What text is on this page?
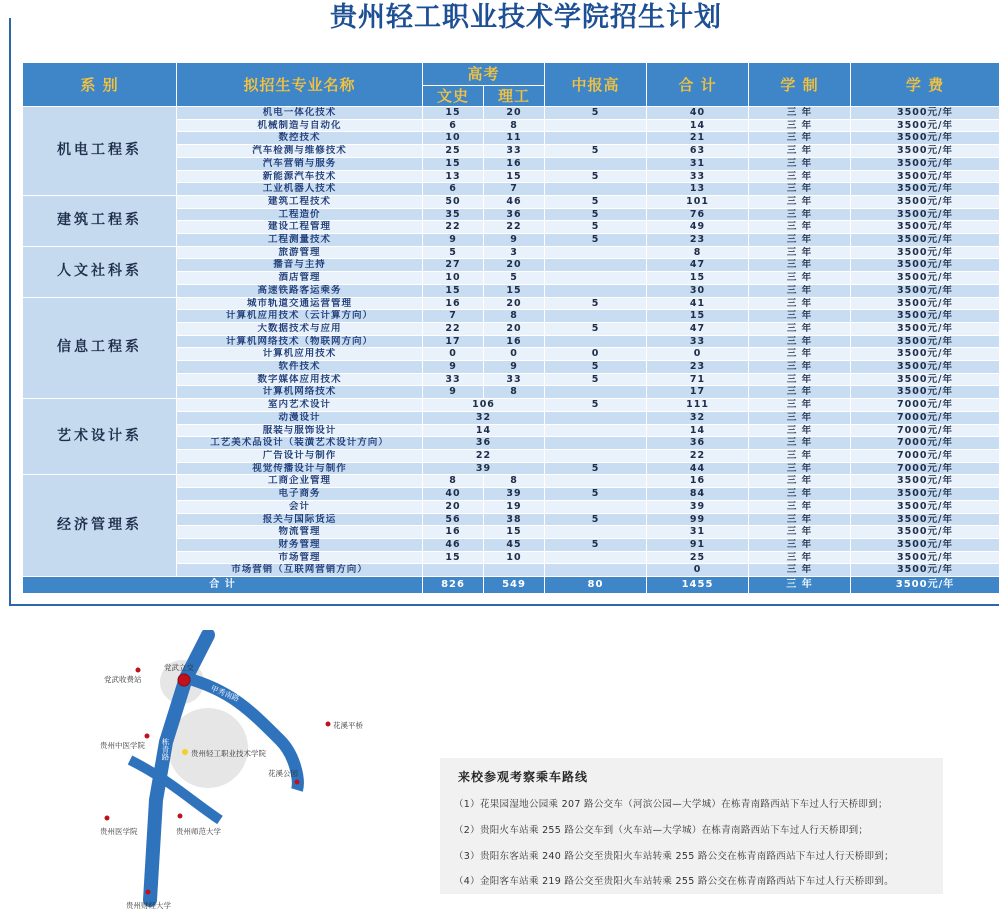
贵州轻工职业技术学院招生计划
系 别	拟招生专业名称	高考		中报高	合 计	学 制	学 费
		文史	理工				
机电工程系	机电一体化技术	15	20	5	40	三 年	3500元/年
	机械制造与自动化	6	8		14	三 年	3500元/年
	数控技术	10	11		21	三 年	3500元/年
	汽车检测与维修技术	25	33	5	63	三 年	3500元/年
	汽车营销与服务	15	16		31	三 年	3500元/年
	新能源汽车技术	13	15	5	33	三 年	3500元/年
	工业机器人技术	6	7		13	三 年	3500元/年
建筑工程系	建筑工程技术	50	46	5	101	三 年	3500元/年
	工程造价	35	36	5	76	三 年	3500元/年
	建设工程管理	22	22	5	49	三 年	3500元/年
	工程测量技术	9	9	5	23	三 年	3500元/年
人文社科系	旅游管理	5	3		8	三 年	3500元/年
	播音与主持	27	20		47	三 年	3500元/年
	酒店管理	10	5		15	三 年	3500元/年
	高速铁路客运乘务	15	15		30	三 年	3500元/年
信息工程系	城市轨道交通运营管理	16	20	5	41	三 年	3500元/年
	计算机应用技术（云计算方向）	7	8		15	三 年	3500元/年
	大数据技术与应用	22	20	5	47	三 年	3500元/年
	计算机网络技术（物联网方向）	17	16		33	三 年	3500元/年
	计算机应用技术	0	0	0	0	三 年	3500元/年
	软件技术	9	9	5	23	三 年	3500元/年
	数字媒体应用技术	33	33	5	71	三 年	3500元/年
	计算机网络技术	9	8		17	三 年	3500元/年
艺术设计系	室内艺术设计	106		5	111	三 年	7000元/年
	动漫设计	32			32	三 年	7000元/年
	服装与服饰设计	14			14	三 年	7000元/年
	工艺美术品设计（装潢艺术设计方向）	36			36	三 年	7000元/年
	广告设计与制作	22			22	三 年	7000元/年
	视觉传播设计与制作	39		5	44	三 年	7000元/年
经济管理系	工商企业管理	8	8		16	三 年	3500元/年
	电子商务	40	39	5	84	三 年	3500元/年
	会计	20	19		39	三 年	3500元/年
	报关与国际货运	56	38	5	99	三 年	3500元/年
	物流管理	16	15		31	三 年	3500元/年
	财务管理	46	45	5	91	三 年	3500元/年
	市场管理	15	10		25	三 年	3500元/年
	市场营销（互联网营销方向）				0	三 年	3500元/年
合 计		826	549	80	1455	三 年	3500元/年
党武立交
党武收费站
甲秀南路
花溪平桥
贵州中医学院 栋青路	贵州轻工职业技术学院
花溪公园
贵州医学院	贵州师范大学
贵州财经大学
来校参观考察乘车路线
（1）花果园湿地公园乘 207 路公交车（河滨公园—大学城）在栋青南路西站下车过人行天桥即到；
（2）贵阳火车站乘 255 路公交车到（火车站—大学城）在栋青南路西站下车过人行天桥即到；
（3）贵阳东客站乘 240 路公交至贵阳火车站转乘 255 路公交在栋青南路西站下车过人行天桥即到；
（4）金阳客车站乘 219 路公交至贵阳火车站转乘 255 路公交在栋青南路西站下车过人行天桥即到。
